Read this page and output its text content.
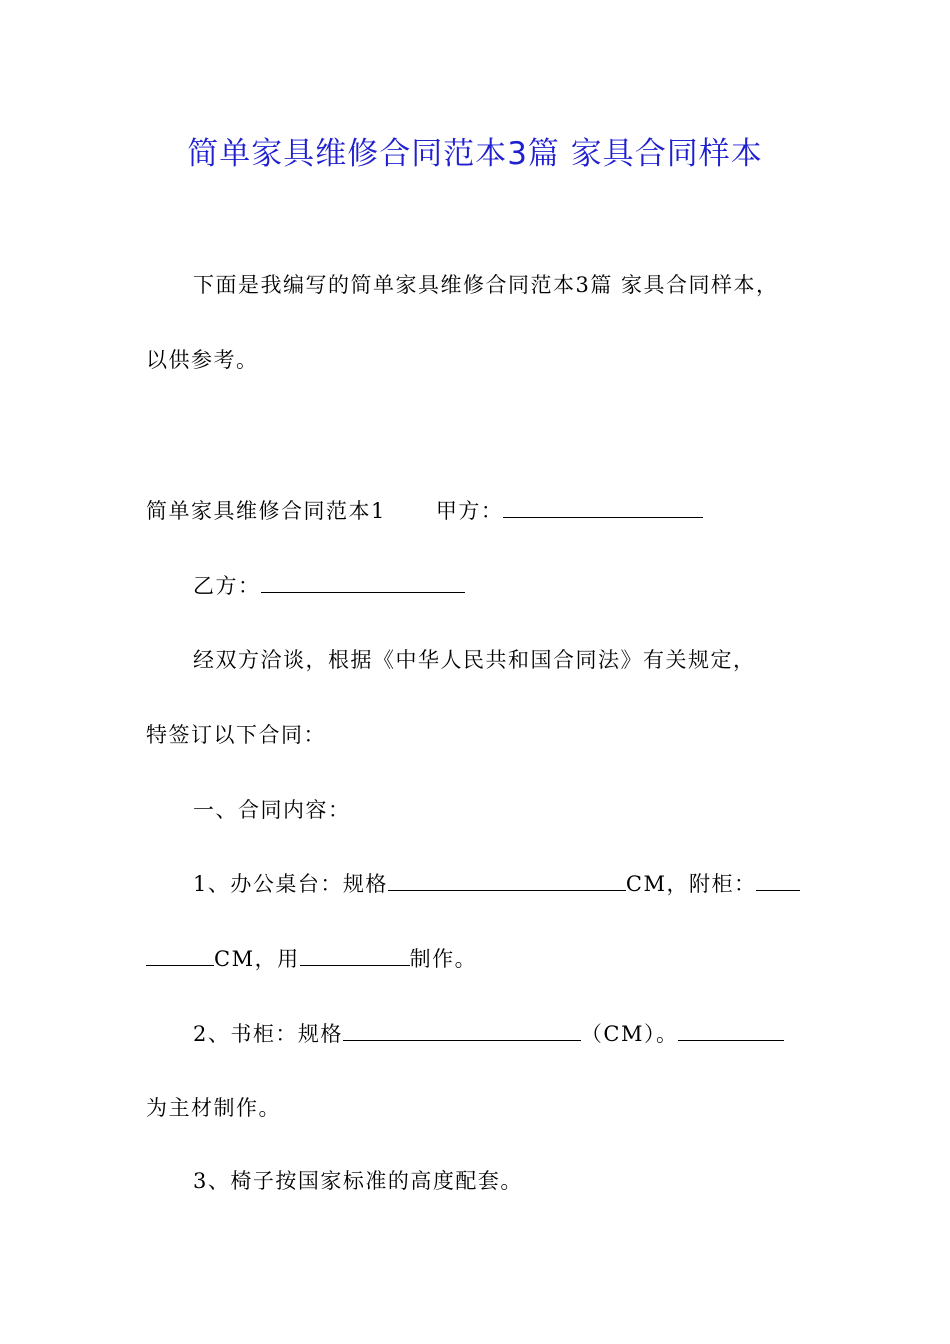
简单家具维修合同范本3篇 家具合同样本
下面是我编写的简单家具维修合同范本3篇 家具合同样本，
以供参考。
简单家具维修合同范本1 甲方：
乙方：
经双方洽谈，根据《中华人民共和国合同法》有关规定，
特签订以下合同：
一、合同内容：
1、办公桌台：规格	CM，附柜：
CM，用	制作。
2、书柜：规格	（CM）。
为主材制作。
3、椅子按国家标准的高度配套。
